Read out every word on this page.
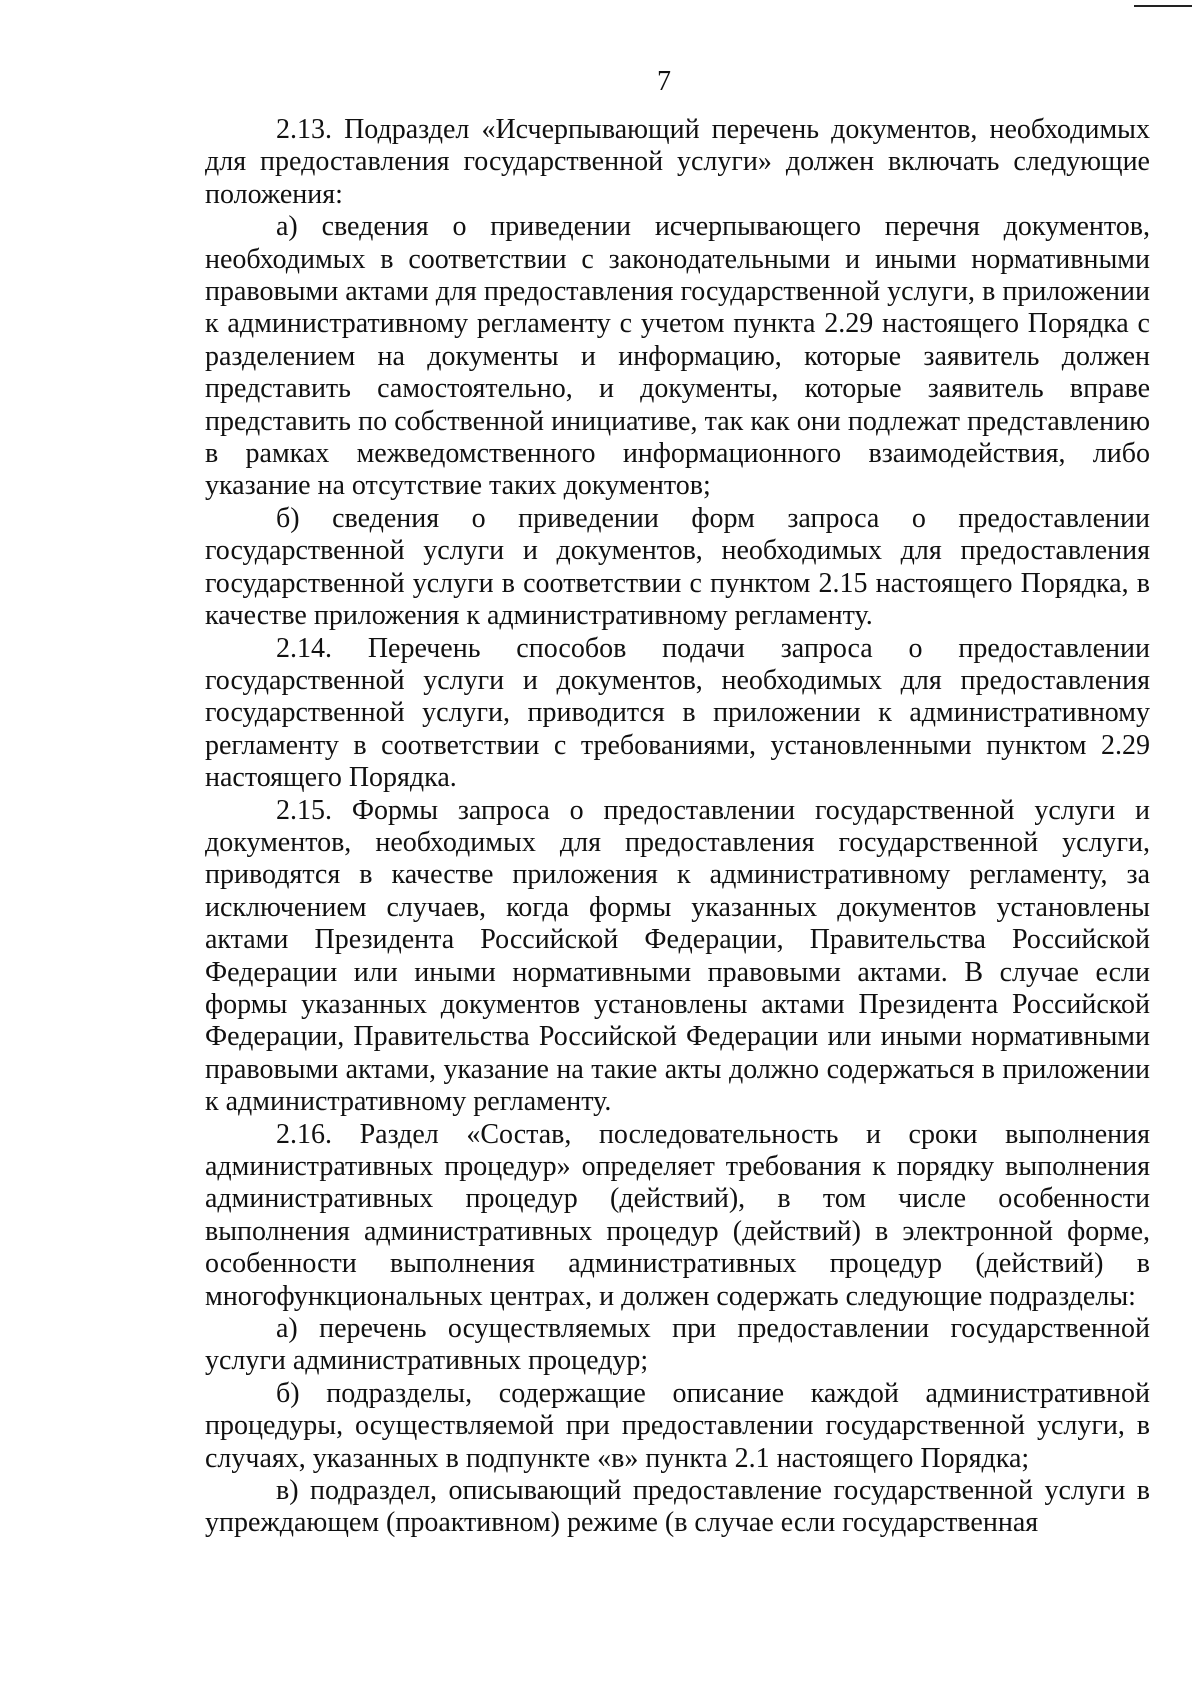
7

2.13. Подраздел «Исчерпывающий перечень документов, необходимых для предоставления государственной услуги» должен включать следующие положения:

а) сведения о приведении исчерпывающего перечня документов, необходимых в соответствии с законодательными и иными нормативными правовыми актами для предоставления государственной услуги, в приложении к административному регламенту с учетом пункта 2.29 настоящего Порядка с разделением на документы и информацию, которые заявитель должен представить самостоятельно, и документы, которые заявитель вправе представить по собственной инициативе, так как они подлежат представлению в рамках межведомственного информационного взаимодействия, либо указание на отсутствие таких документов;

б) сведения о приведении форм запроса о предоставлении государственной услуги и документов, необходимых для предоставления государственной услуги в соответствии с пунктом 2.15 настоящего Порядка, в качестве приложения к административному регламенту.

2.14. Перечень способов подачи запроса о предоставлении государственной услуги и документов, необходимых для предоставления государственной услуги, приводится в приложении к административному регламенту в соответствии с требованиями, установленными пунктом 2.29 настоящего Порядка.

2.15. Формы запроса о предоставлении государственной услуги и документов, необходимых для предоставления государственной услуги, приводятся в качестве приложения к административному регламенту, за исключением случаев, когда формы указанных документов установлены актами Президента Российской Федерации, Правительства Российской Федерации или иными нормативными правовыми актами. В случае если формы указанных документов установлены актами Президента Российской Федерации, Правительства Российской Федерации или иными нормативными правовыми актами, указание на такие акты должно содержаться в приложении к административному регламенту.

2.16. Раздел «Состав, последовательность и сроки выполнения административных процедур» определяет требования к порядку выполнения административных процедур (действий), в том числе особенности выполнения административных процедур (действий) в электронной форме, особенности выполнения административных процедур (действий) в многофункциональных центрах, и должен содержать следующие подразделы:

а) перечень осуществляемых при предоставлении государственной услуги административных процедур;

б) подразделы, содержащие описание каждой административной процедуры, осуществляемой при предоставлении государственной услуги, в случаях, указанных в подпункте «в» пункта 2.1 настоящего Порядка;

в) подраздел, описывающий предоставление государственной услуги в упреждающем (проактивном) режиме (в случае если государственная
